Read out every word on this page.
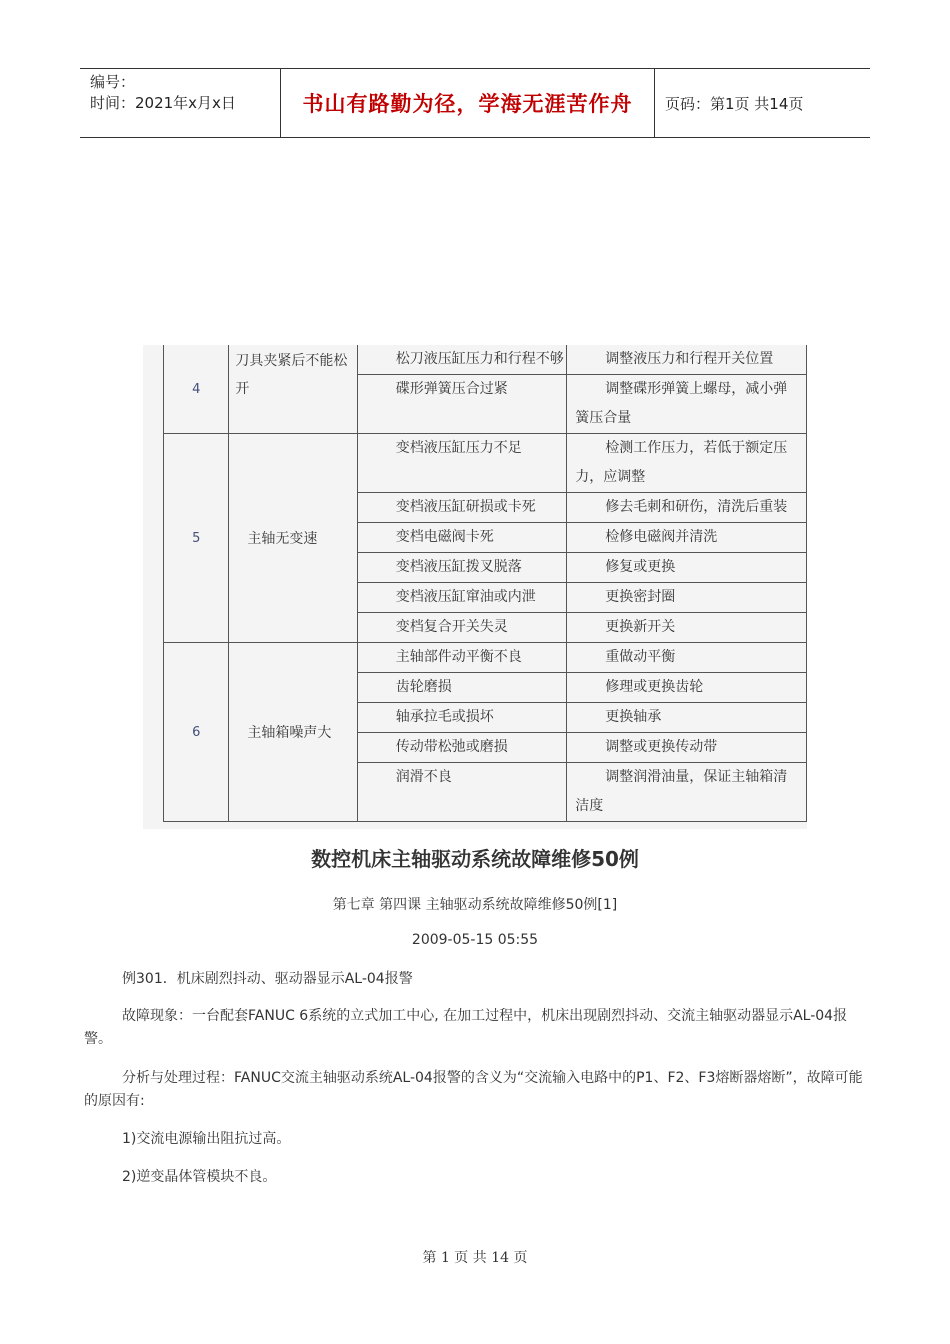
编号：
时间：2021年x月x日	书山有路勤为径，学海无涯苦作舟	页码：第1页 共14页
4	刀具夹紧后不能松开	松刀液压缸压力和行程不够	调整液压力和行程开关位置
		碟形弹簧压合过紧	调整碟形弹簧上螺母，减小弹
簧压合量
5	主轴无变速	变档液压缸压力不足	检测工作压力，若低于额定压
力，应调整
		变档液压缸研损或卡死	修去毛刺和研伤，清洗后重装
		变档电磁阀卡死	检修电磁阀并清洗
		变档液压缸拨叉脱落	修复或更换
		变档液压缸窜油或内泄	更换密封圈
		变档复合开关失灵	更换新开关
6	主轴箱噪声大	主轴部件动平衡不良	重做动平衡
		齿轮磨损	修理或更换齿轮
		轴承拉毛或损坏	更换轴承
		传动带松弛或磨损	调整或更换传动带
		润滑不良	调整润滑油量，保证主轴箱清
洁度
数控机床主轴驱动系统故障维修50例
第七章 第四课 主轴驱动系统故障维修50例[1]
2009-05-15 05:55
例301．机床剧烈抖动、驱动器显示AL-04报警
故障现象：一台配套FANUC 6系统的立式加工中心, 在加工过程中，机床出现剧烈抖动、交流主轴驱动器显示AL-04报警。
分析与处理过程：FANUC交流主轴驱动系统AL-04报警的含义为“交流输入电路中的P1、F2、F3熔断器熔断”，故障可能的原因有:
1)交流电源输出阻抗过高。
2)逆变晶体管模块不良。
第 1 页 共 14 页
